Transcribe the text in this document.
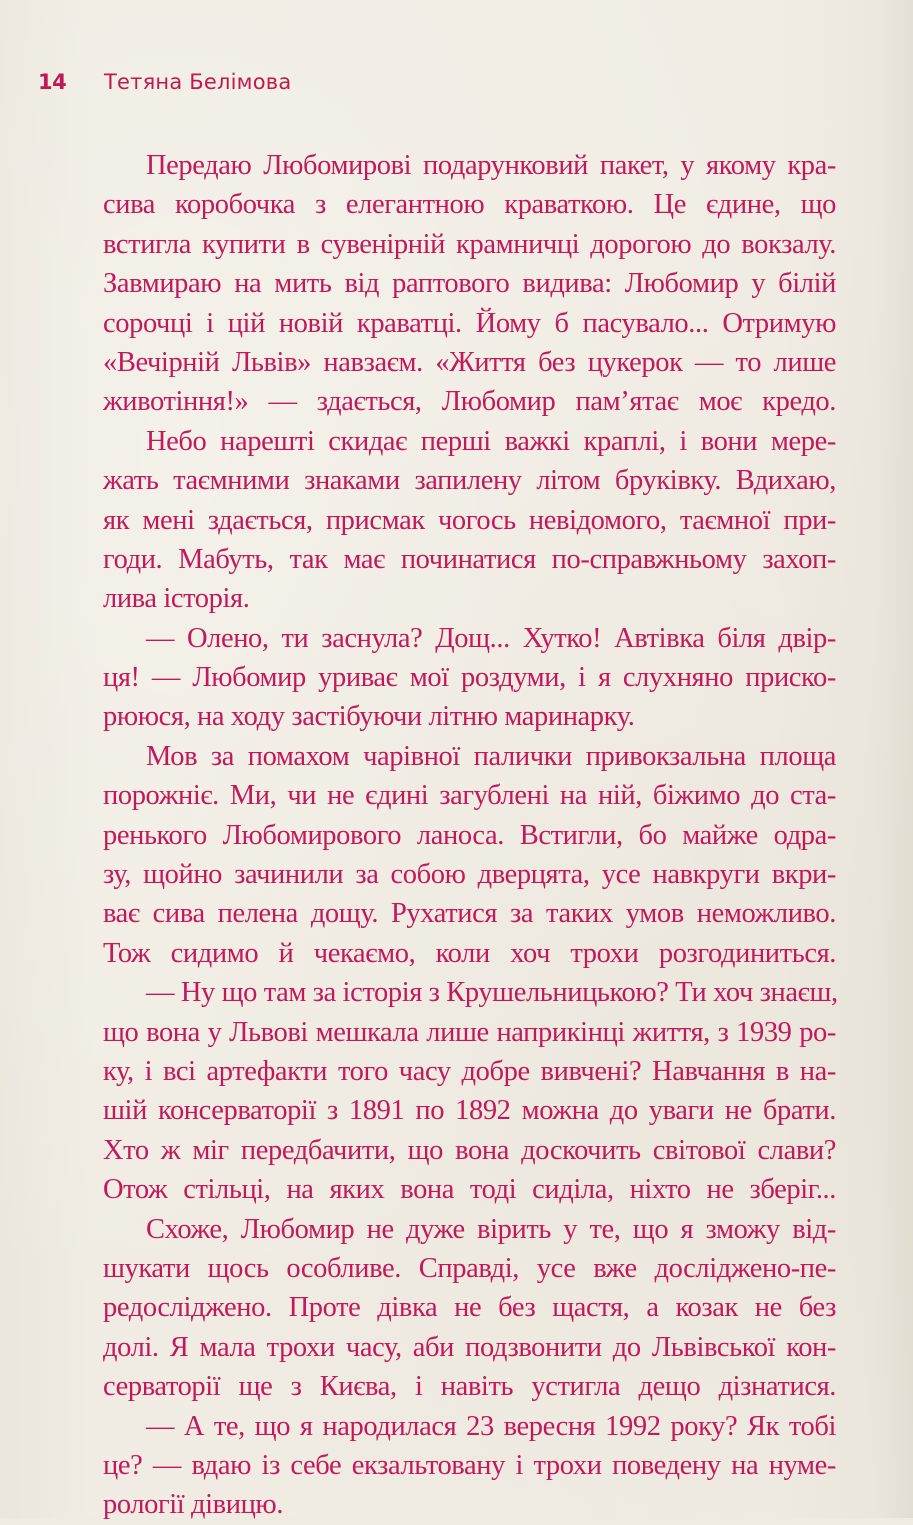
14	Тетяна Белімова

Передаю Любомирові подарунковий пакет, у якому кра-
сива коробочка з елегантною краваткою. Це єдине, що
встигла купити в сувенірній крамничці дорогою до вокзалу.
Завмираю на мить від раптового видива: Любомир у білій
сорочці і цій новій краватці. Йому б пасувало... Отримую
«Вечірній Львів» навзаєм. «Життя без цукерок — то лише
животіння!» — здається, Любомир пам’ятає моє кредо.

Небо нарешті скидає перші важкі краплі, і вони мере-
жать таємними знаками запилену літом бруківку. Вдихаю,
як мені здається, присмак чогось невідомого, таємної при-
годи. Мабуть, так має починатися по-справжньому захоп-
лива історія.

— Олено, ти заснула? Дощ... Хутко! Автівка біля двір-
ця! — Любомир уриває мої роздуми, і я слухняно приско-
рююся, на ходу застібуючи літню маринарку.

Мов за помахом чарівної палички привокзальна площа
порожніє. Ми, чи не єдині загублені на ній, біжимо до ста-
ренького Любомирового ланоса. Встигли, бо майже одра-
зу, щойно зачинили за собою дверцята, усе навкруги вкри-
ває сива пелена дощу. Рухатися за таких умов неможливо.
Тож сидимо й чекаємо, коли хоч трохи розгодиниться.

— Ну що там за історія з Крушельницькою? Ти хоч знаєш,
що вона у Львові мешкала лише наприкінці життя, з 1939 ро-
ку, і всі артефакти того часу добре вивчені? Навчання в на-
шій консерваторії з 1891 по 1892 можна до уваги не брати.
Хто ж міг передбачити, що вона доскочить світової слави?
Отож стільці, на яких вона тоді сиділа, ніхто не зберіг...

Схоже, Любомир не дуже вірить у те, що я зможу від-
шукати щось особливе. Справді, усе вже досліджено-пе-
редосліджено. Проте дівка не без щастя, а козак не без
долі. Я мала трохи часу, аби подзвонити до Львівської кон-
серваторії ще з Києва, і навіть устигла дещо дізнатися.

— А те, що я народилася 23 вересня 1992 року? Як тобі
це? — вдаю із себе екзальтовану і трохи поведену на нуме-
рології дівицю.
